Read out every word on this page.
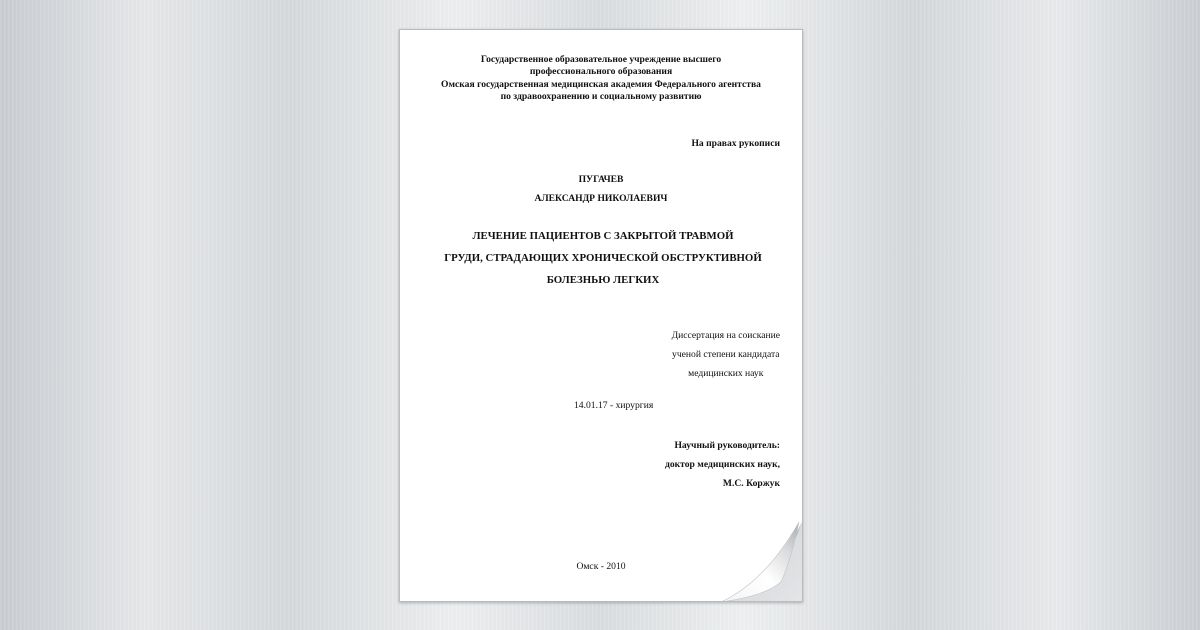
Государственное образовательное учреждение высшего
профессионального образования
Омская государственная медицинская академия Федерального агентства
по здравоохранению и социальному развитию
На правах рукописи
ПУГАЧЕВ
АЛЕКСАНДР НИКОЛАЕВИЧ
ЛЕЧЕНИЕ ПАЦИЕНТОВ С ЗАКРЫТОЙ ТРАВМОЙ
ГРУДИ, СТРАДАЮЩИХ ХРОНИЧЕСКОЙ ОБСТРУКТИВНОЙ
БОЛЕЗНЬЮ ЛЕГКИХ
Диссертация на соискание
ученой степени кандидата
медицинских наук
14.01.17 - хирургия
Научный руководитель:
доктор медицинских наук,
М.С. Коржук
Омск - 2010
